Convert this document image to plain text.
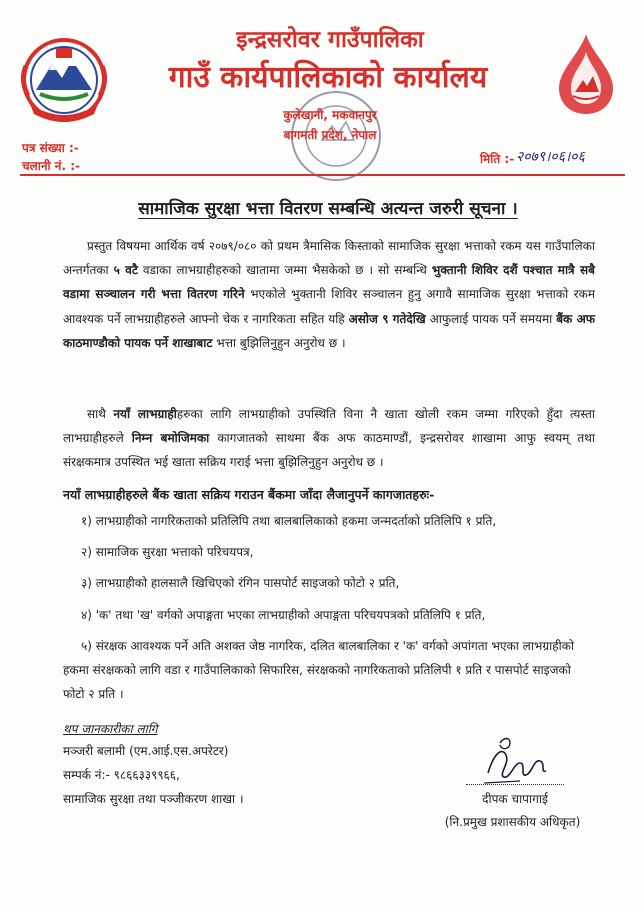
इन्द्रसरोवर गाउँपालिका
गाउँ कार्यपालिकाको कार्यालय
कुलेखानी, मकवानपुर
बागमती प्रदेश, नेपाल
पत्र संख्या :-
चलानी नं. :-	मिति :- २०७९।०६।०६
सामाजिक सुरक्षा भत्ता वितरण सम्बन्धि अत्यन्त जरुरी सूचना ।

प्रस्तुत विषयमा आर्थिक वर्ष २०७९/०८० को प्रथम त्रैमासिक किस्ताको सामाजिक सुरक्षा भत्ताको रकम यस गाउँपालिका अन्तर्गतका ५ वटै वडाका लाभग्राहीहरुको खातामा जम्मा भैसकेको छ । सो सम्बन्धि भुक्तानी शिविर दशैं पश्चात मात्रै सबै वडामा सञ्चालन गरी भत्ता वितरण गरिने भएकोले भुक्तानी शिविर सञ्चालन हुनु अगावै सामाजिक सुरक्षा भत्ताको रकम आवश्यक पर्ने लाभग्राहीहरुले आफ्नो चेक र नागरिकता सहित यहि असोज ९ गतेदेखि आफुलाई पायक पर्ने समयमा बैंक अफ काठमाण्डौको पायक पर्ने शाखाबाट भत्ता बुझिलिनुहुन अनुरोध छ ।

साथै नयाँ लाभग्राहीहरुका लागि लाभग्राहीको उपस्थिति विना नै खाता खोली रकम जम्मा गरिएको हुँदा त्यस्ता लाभग्राहीहरुले निम्न बमोजिमका कागजातको साथमा बैंक अफ काठमाण्डौं, इन्द्रसरोवर शाखामा आफु स्वयम् तथा संरक्षकमात्र उपस्थित भई खाता सक्रिय गराई भत्ता बुझिलिनुहुन अनुरोध छ ।

नयाँ लाभग्राहीहरुले बैंक खाता सक्रिय गराउन बैंकमा जाँदा लैजानुपर्ने कागजातहरुः-
१) लाभग्राहीको नागरिकताको प्रतिलिपि तथा बालबालिकाको हकमा जन्मदर्ताको प्रतिलिपि १ प्रति,
२) सामाजिक सुरक्षा भत्ताको परिचयपत्र,
३) लाभग्राहीको हालसालै खिचिएको रंगिन पासपोर्ट साइजको फोटो २ प्रति,
४) 'क' तथा 'ख' वर्गको अपाङ्गता भएका लाभग्राहीको अपाङ्गता परिचयपत्रको प्रतिलिपि १ प्रति,
५) संरक्षक आवश्यक पर्ने अति अशक्त जेष्ठ नागरिक, दलित बालबालिका र 'क' वर्गको अपांगता भएका लाभग्राहीको हकमा संरक्षकको लागि वडा र गाउँपालिकाको सिफारिस, संरक्षकको नागरिकताको प्रतिलिपी १ प्रति र पासपोर्ट साइजको फोटो २ प्रति ।
थप जानकारीका लागि
मञ्जरी बलामी (एम.आई.एस.अपरेटर)
सम्पर्क नं:- ९८६६३३९९६६,
सामाजिक सुरक्षा तथा पञ्जीकरण शाखा ।	दीपक चापागाई
(नि.प्रमुख प्रशासकीय अधिकृत)
